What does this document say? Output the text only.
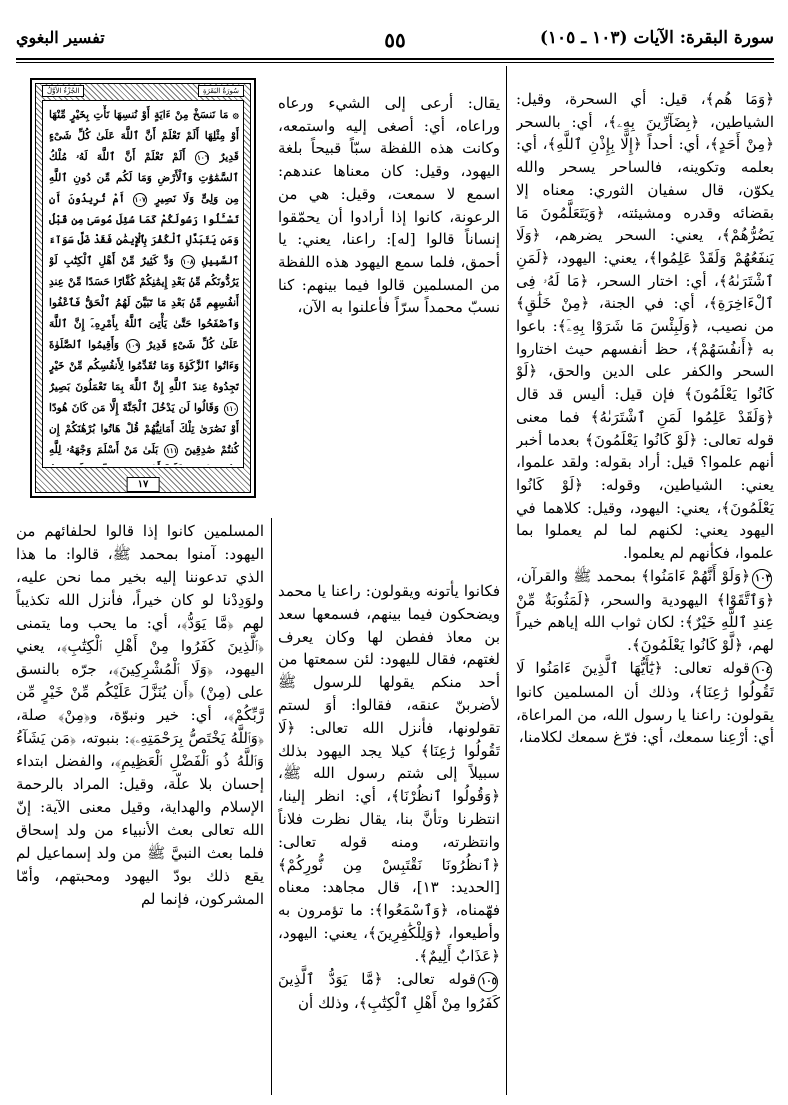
سورة البقرة: الآيات (١٠٣ ـ ١٠٥)
٥٥
تفسير البغوي
سُورَةُ البَقَرَةِ
الجُزْءُ الأَوَّلُ
۞ مَا نَنسَخْ مِنْ ءَايَةٍ أَوْ نُنسِهَا نَأْتِ بِخَيْرٍ مِّنْهَا أَوْ مِثْلِهَا أَلَمْ تَعْلَمْ أَنَّ ٱللَّهَ عَلَىٰ كُلِّ شَىْءٍ قَدِيرٌ ١٠٦ أَلَمْ تَعْلَمْ أَنَّ ٱللَّهَ لَهُۥ مُلْكُ ٱلسَّمَٰوَٰتِ وَٱلْأَرْضِ وَمَا لَكُم مِّن دُونِ ٱللَّهِ مِن وَلِىٍّ وَلَا نَصِيرٍ ١٠٧ أَمْ تُرِيدُونَ أَن تَسْـَٔلُوا رَسُولَكُمْ كَمَا سُئِلَ مُوسَىٰ مِن قَبْلُ وَمَن يَتَبَدَّلِ ٱلْكُفْرَ بِٱلْإِيمَٰنِ فَقَدْ ضَلَّ سَوَآءَ ٱلسَّبِيلِ ١٠٨ وَدَّ كَثِيرٌ مِّنْ أَهْلِ ٱلْكِتَٰبِ لَوْ يَرُدُّونَكُم مِّنۢ بَعْدِ إِيمَٰنِكُمْ كُفَّارًا حَسَدًا مِّنْ عِندِ أَنفُسِهِم مِّنۢ بَعْدِ مَا تَبَيَّنَ لَهُمُ ٱلْحَقُّ فَٱعْفُوا وَٱصْفَحُوا حَتَّىٰ يَأْتِىَ ٱللَّهُ بِأَمْرِهِۦٓ إِنَّ ٱللَّهَ عَلَىٰ كُلِّ شَىْءٍ قَدِيرٌ ١٠٩ وَأَقِيمُوا ٱلصَّلَوٰةَ وَءَاتُوا ٱلزَّكَوٰةَ وَمَا تُقَدِّمُوا لِأَنفُسِكُم مِّنْ خَيْرٍ تَجِدُوهُ عِندَ ٱللَّهِ إِنَّ ٱللَّهَ بِمَا تَعْمَلُونَ بَصِيرٌ ١١٠ وَقَالُوا لَن يَدْخُلَ ٱلْجَنَّةَ إِلَّا مَن كَانَ هُودًا أَوْ نَصَٰرَىٰ تِلْكَ أَمَانِيُّهُمْ قُلْ هَاتُوا بُرْهَٰنَكُمْ إِن كُنتُمْ صَٰدِقِينَ ١١١ بَلَىٰ مَنْ أَسْلَمَ وَجْهَهُۥ لِلَّهِ
١٧

﴿وَمَا هُم﴾، قيل: أي السحرة، وقيل: الشياطين، ﴿بِضَآرِّينَ بِهِۦ﴾، أي: بالسحر ﴿مِنْ أَحَدٍ﴾، أي: أحداً ﴿إِلَّا بِإِذْنِ ٱللَّهِ﴾، أي: بعلمه وتكوينه، فالساحر يسحر والله يكوّن، قال سفيان الثوري: معناه إلا بقضائه وقدره ومشيئته، ﴿وَيَتَعَلَّمُونَ مَا يَضُرُّهُمْ﴾، يعني: السحر يضرهم، ﴿وَلَا يَنفَعُهُمْ وَلَقَدْ عَلِمُوا﴾، يعني: اليهود، ﴿لَمَنِ ٱشْتَرَىٰهُ﴾، أي: اختار السحر، ﴿مَا لَهُۥ فِى ٱلْءَاخِرَةِ﴾، أي: في الجنة، ﴿مِنْ خَلَٰقٍ﴾ من نصيب، ﴿وَلَبِئْسَ مَا شَرَوْا بِهِۦٓ﴾: باعوا به ﴿أَنفُسَهُمْ﴾، حظ أنفسهم حيث اختاروا السحر والكفر على الدين والحق، ﴿لَوْ كَانُوا يَعْلَمُونَ﴾ فإن قيل: أليس قد قال ﴿وَلَقَدْ عَلِمُوا لَمَنِ ٱشْتَرَىٰهُ﴾ فما معنى قوله تعالى: ﴿لَوْ كَانُوا يَعْلَمُونَ﴾ بعدما أخبر أنهم علموا؟ قيل: أراد بقوله: ولقد علموا، يعني: الشياطين، وقوله: ﴿لَوْ كَانُوا يَعْلَمُونَ﴾، يعني: اليهود، وقيل: كلاهما في اليهود يعني: لكنهم لما لم يعملوا بما علموا، فكأنهم لم يعلموا.

١٠٣﴿وَلَوْ أَنَّهُمْ ءَامَنُوا﴾ بمحمد ﷺ والقرآن، ﴿وَٱتَّقَوْا﴾ اليهودية والسحر، ﴿لَمَثُوبَةٌ مِّنْ عِندِ ٱللَّهِ خَيْرٌ﴾: لكان ثواب الله إياهم خيراً لهم، ﴿لَّوْ كَانُوا يَعْلَمُونَ﴾.

١٠٤قوله تعالى: ﴿يَٰٓأَيُّهَا ٱلَّذِينَ ءَامَنُوا لَا تَقُولُوا رَٰعِنَا﴾، وذلك أن المسلمين كانوا يقولون: راعنا يا رسول الله، من المراعاة، أي: أرْعِنا سمعك، أي: فرّغ سمعك لكلامنا،

يقال: أرعى إلى الشيء ورعاه وراعاه، أي: أصغى إليه واستمعه، وكانت هذه اللفظة سبّاً قبيحاً بلغة اليهود، وقيل: كان معناها عندهم: اسمع لا سمعت، وقيل: هي من الرعونة، كانوا إذا أرادوا أن يحمّقوا إنساناً قالوا [له]: راعنا، يعني: يا أحمق، فلما سمع اليهود هذه اللفظة من المسلمين قالوا فيما بينهم: كنا نسبّ محمداً سرّاً فأعلنوا به الآن،

فكانوا يأتونه ويقولون: راعنا يا محمد ويضحكون فيما بينهم، فسمعها سعد بن معاذ ففطن لها وكان يعرف لغتهم، فقال لليهود: لئن سمعتها من أحد منكم يقولها للرسول ﷺ لأضربنّ عنقه، فقالوا: أوَ لستم تقولونها، فأنزل الله تعالى: ﴿لَا تَقُولُوا رَٰعِنَا﴾ كيلا يجد اليهود بذلك سبيلاً إلى شتم رسول الله ﷺ، ﴿وَقُولُوا ٱنظُرْنَا﴾، أي: انظر إلينا، انتظرنا وتأنَّ بنا، يقال نظرت فلاناً وانتظرته، ومنه قوله تعالى: ﴿ٱنظُرُونَا نَقْتَبِسْ مِن نُّورِكُمْ﴾ [الحديد: ١٣]، قال مجاهد: معناه فهّمناه، ﴿وَٱسْمَعُوا﴾: ما تؤمرون به وأطيعوا، ﴿وَلِلْكَٰفِرِينَ﴾، يعني: اليهود، ﴿عَذَابٌ أَلِيمٌ﴾.

١٠٥قوله تعالى: ﴿مَّا يَوَدُّ ٱلَّذِينَ كَفَرُوا مِنْ أَهْلِ ٱلْكِتَٰبِ﴾، وذلك أن

المسلمين كانوا إذا قالوا لحلفائهم من اليهود: آمنوا بمحمد ﷺ، قالوا: ما هذا الذي تدعوننا إليه بخير مما نحن عليه، ولوَدِدْنا لو كان خيراً، فأنزل الله تكذيباً لهم ﴿مَّا يَوَدُّ﴾، أي: ما يحب وما يتمنى ﴿ٱلَّذِينَ كَفَرُوا مِنْ أَهْلِ ٱلْكِتَٰبِ﴾، يعني اليهود، ﴿وَلَا ٱلْمُشْرِكِينَ﴾، جرّه بالنسق على (مِنْ) ﴿أَن يُنَزَّلَ عَلَيْكُم مِّنْ خَيْرٍ مِّن رَّبِّكُمْ﴾، أي: خير ونبوّة، و﴿مِنْ﴾ صلة، ﴿وَٱللَّهُ يَخْتَصُّ بِرَحْمَتِهِۦ﴾: بنبوته، ﴿مَن يَشَآءُ وَٱللَّهُ ذُو ٱلْفَضْلِ ٱلْعَظِيمِ﴾، والفضل ابتداء إحسان بلا علّة، وقيل: المراد بالرحمة الإسلام والهداية، وقيل معنى الآية: إنّ الله تعالى بعث الأنبياء من ولد إسحاق فلما بعث النبيَّ ﷺ من ولد إسماعيل لم يقع ذلك بودّ اليهود ومحبتهم، وأمّا المشركون، فإنما لم
